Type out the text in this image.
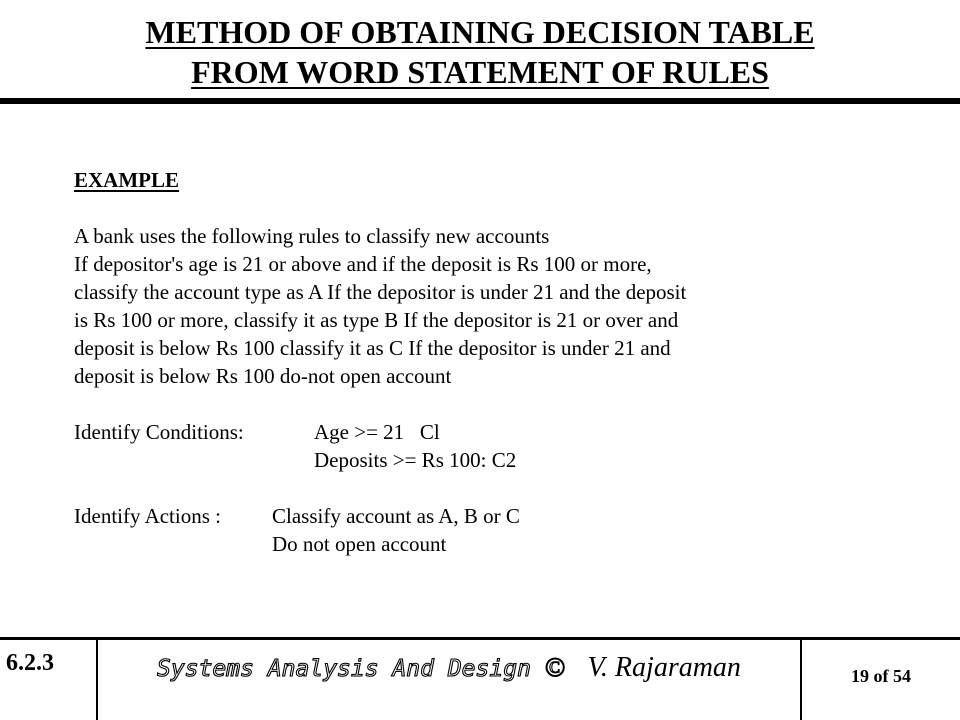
METHOD OF OBTAINING DECISION TABLE
FROM WORD STATEMENT OF RULES
EXAMPLE
A bank uses the following rules to classify new accounts
If depositor's age is 21 or above and if the deposit is Rs 100 or more,
classify the account type as A If the depositor is under 21 and the deposit
is Rs 100 or more, classify it as type B If the depositor is 21 or over and
deposit is below Rs 100 classify it as C If the depositor is under 21 and
deposit is below Rs 100 do-not open account
Identify Conditions:	Age >= 21   Cl
Deposits >= Rs 100: C2
Identify Actions :	Classify account as A, B or C
Do not open account
6.2.3	Systems Analysis And Design © V. Rajaraman	19 of 54
